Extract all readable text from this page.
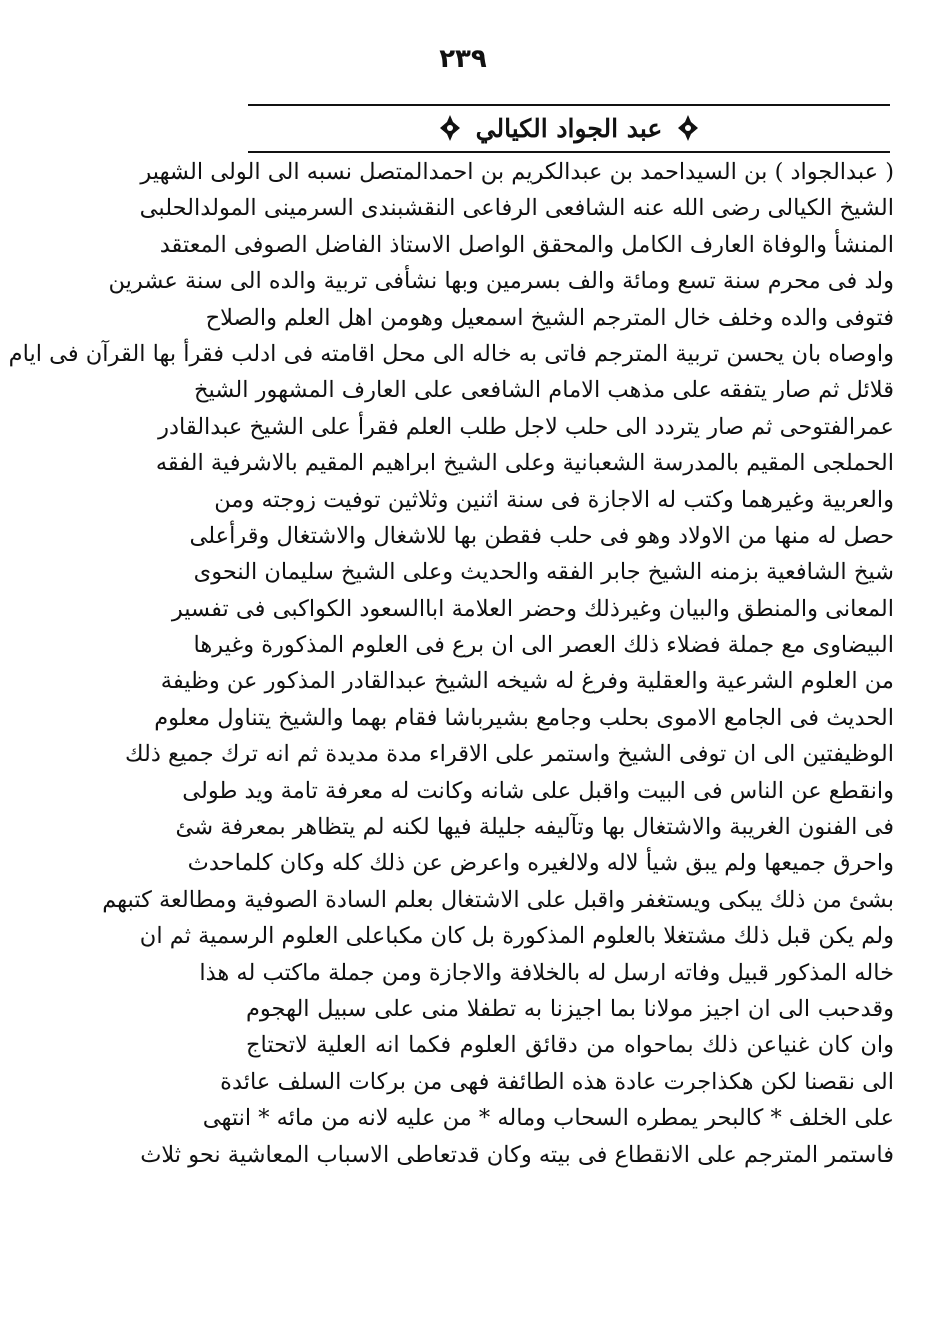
٢٣٩
عبد الجواد الكيالي
( عبدالجواد ) بن السيداحمد بن عبدالكريم بن احمدالمتصل نسبه الى الولى الشهير
الشيخ الكيالى رضى الله عنه الشافعى الرفاعى النقشبندى السرمينى المولدالحلبى
المنشأ والوفاة العارف الكامل والمحقق الواصل الاستاذ الفاضل الصوفى المعتقد
ولد فى محرم سنة تسع ومائة والف بسرمين وبها نشأفى تربية والده الى سنة عشرين
فتوفى والده وخلف خال المترجم الشيخ اسمعيل وهومن اهل العلم والصلاح
واوصاه بان يحسن تربية المترجم فاتى به خاله الى محل اقامته فى ادلب فقرأ بها القرآن فى ايام
قلائل ثم صار يتفقه على مذهب الامام الشافعى على العارف المشهور الشيخ
عمرالفتوحى ثم صار يتردد الى حلب لاجل طلب العلم فقرأ على الشيخ عبدالقادر
الحملجى المقيم بالمدرسة الشعبانية وعلى الشيخ ابراهيم المقيم بالاشرفية الفقه
والعربية وغيرهما وكتب له الاجازة فى سنة اثنين وثلاثين توفيت زوجته ومن
حصل له منها من الاولاد وهو فى حلب فقطن بها للاشغال والاشتغال وقرأعلى
شيخ الشافعية بزمنه الشيخ جابر الفقه والحديث وعلى الشيخ سليمان النحوى
المعانى والمنطق والبيان وغيرذلك وحضر العلامة اباالسعود الكواكبى فى تفسير
البيضاوى مع جملة فضلاء ذلك العصر الى ان برع فى العلوم المذكورة وغيرها
من العلوم الشرعية والعقلية وفرغ له شيخه الشيخ عبدالقادر المذكور عن وظيفة
الحديث فى الجامع الاموى بحلب وجامع بشيرباشا فقام بهما والشيخ يتناول معلوم
الوظيفتين الى ان توفى الشيخ واستمر على الاقراء مدة مديدة ثم انه ترك جميع ذلك
وانقطع عن الناس فى البيت واقبل على شانه وكانت له معرفة تامة ويد طولى
فى الفنون الغريبة والاشتغال بها وتآليفه جليلة فيها لكنه لم يتظاهر بمعرفة شئ
واحرق جميعها ولم يبق شيأ لاله ولالغيره واعرض عن ذلك كله وكان كلماحدث
بشئ من ذلك يبكى ويستغفر واقبل على الاشتغال بعلم السادة الصوفية ومطالعة كتبهم
ولم يكن قبل ذلك مشتغلا بالعلوم المذكورة بل كان مكباعلى العلوم الرسمية ثم ان
خاله المذكور قبيل وفاته ارسل له بالخلافة والاجازة ومن جملة ماكتب له هذا
وقدحبب الى ان اجيز مولانا بما اجيزنا به تطفلا منى على سبيل الهجوم
وان كان غنياعن ذلك بماحواه من دقائق العلوم فكما انه العلية لاتحتاج
الى نقصنا لكن هكذاجرت عادة هذه الطائفة فهى من بركات السلف عائدة
على الخلف * كالبحر يمطره السحاب وماله * من عليه لانه من مائه * انتهى
فاستمر المترجم على الانقطاع فى بيته وكان قدتعاطى الاسباب المعاشية نحو ثلاث
